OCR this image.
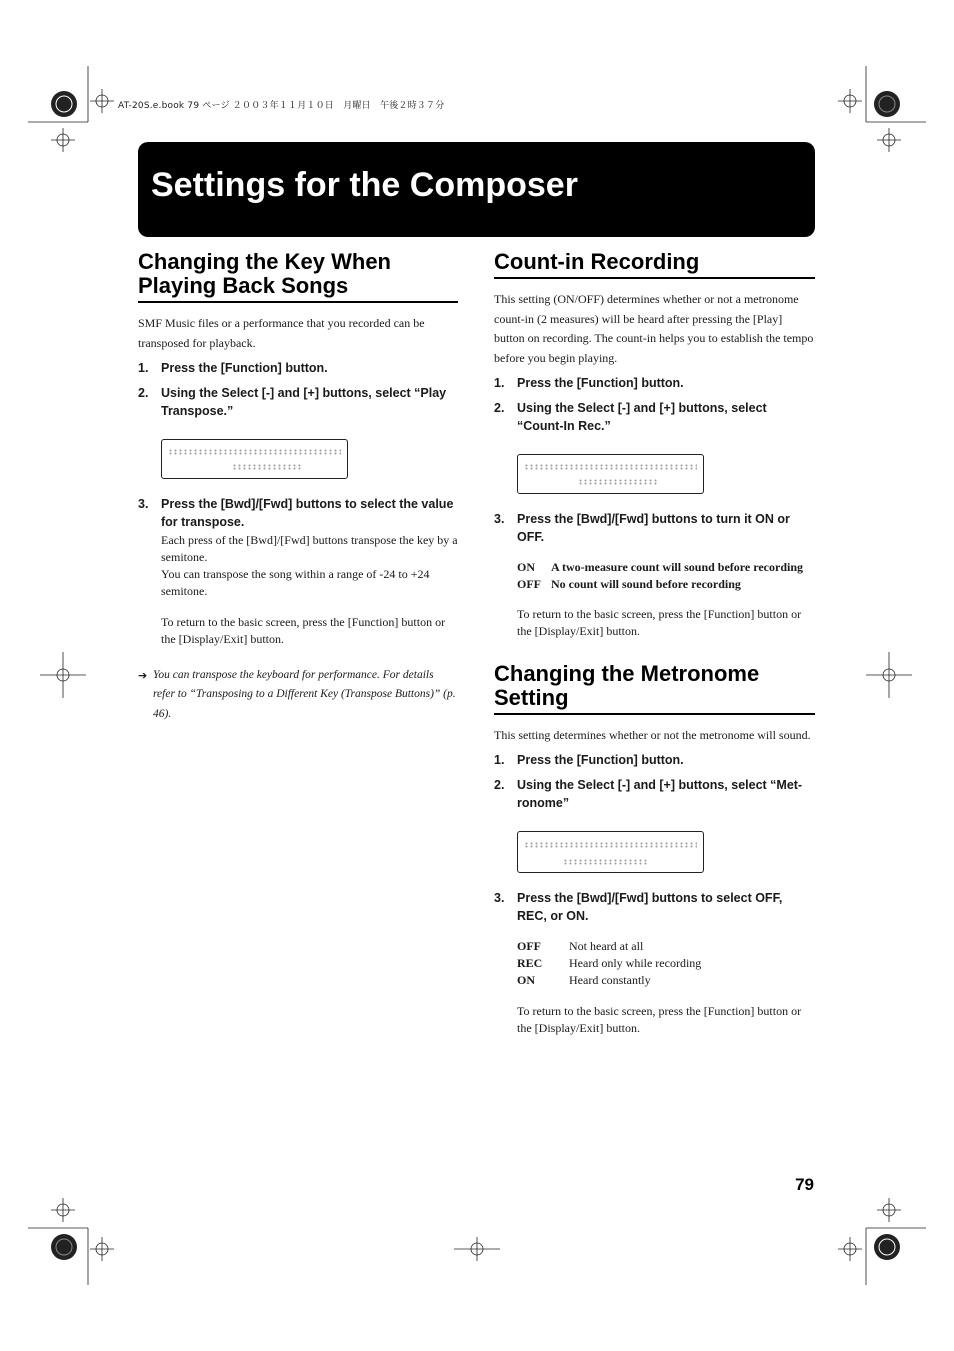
AT-20S.e.book 79 ページ ２００３年１１月１０日　月曜日　午後２時３７分
Settings for the Composer
Changing the Key When Playing Back Songs

SMF Music files or a performance that you recorded can be transposed for playback.

1.	Press the [Function] button.
2.	Using the Select [-] and [+] buttons, select “Play Transpose.”
3.	Press the [Bwd]/[Fwd] buttons to select the value for transpose.
Each press of the [Bwd]/[Fwd] buttons transpose the key by a semitone.
You can transpose the song within a range of -24 to +24 semitone.
To return to the basic screen, press the [Function] button or the [Display/Exit] button.
➔ You can transpose the keyboard for performance. For details refer to “Transposing to a Different Key (Transpose Buttons)” (p. 46).
Count-in Recording

This setting (ON/OFF) determines whether or not a metronome count-in (2 measures) will be heard after pressing the [Play] button on recording. The count-in helps you to establish the tempo before you begin playing.

1.	Press the [Function] button.
2.	Using the Select [-] and [+] buttons, select “Count-In Rec.”
3.	Press the [Bwd]/[Fwd] buttons to turn it ON or OFF.
ON	A two-measure count will sound before recording
OFF	No count will sound before recording
To return to the basic screen, press the [Function] button or the [Display/Exit] button.
Changing the Metronome Setting

This setting determines whether or not the metronome will sound.

1.	Press the [Function] button.
2.	Using the Select [-] and [+] buttons, select “Met-ronome”
3.	Press the [Bwd]/[Fwd] buttons to select OFF, REC, or ON.
OFF	Not heard at all
REC	Heard only while recording
ON	Heard constantly
To return to the basic screen, press the [Function] button or the [Display/Exit] button.
79
